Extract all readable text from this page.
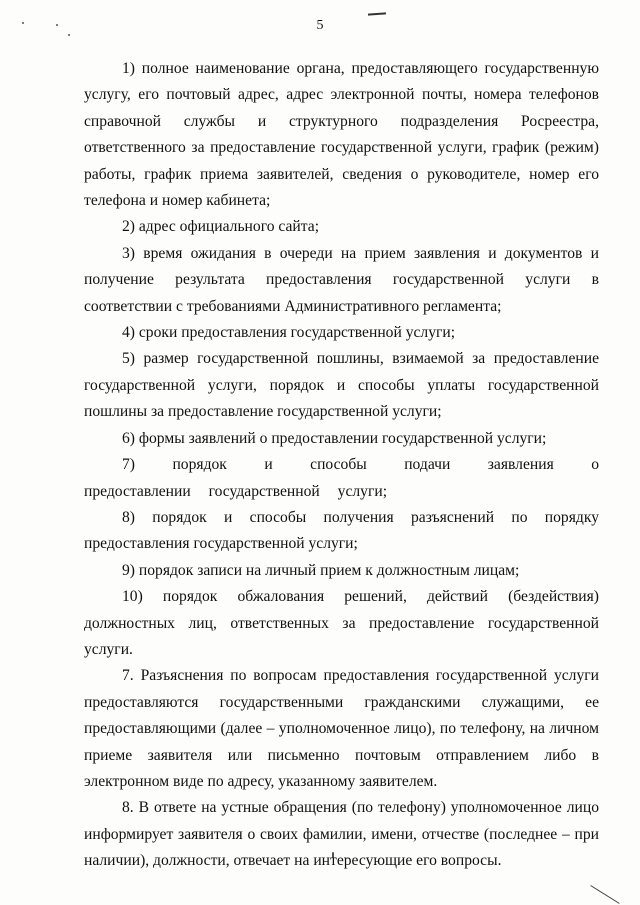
5

1) полное наименование органа, предоставляющего государственную услугу, его почтовый адрес, адрес электронной почты, номера телефонов справочной службы и структурного подразделения Росреестра, ответственного за предоставление государственной услуги, график (режим) работы, график приема заявителей, сведения о руководителе, номер его телефона и номер кабинета;

2) адрес официального сайта;

3) время ожидания в очереди на прием заявления и документов и получение результата предоставления государственной услуги в соответствии с требованиями Административного регламента;

4) сроки предоставления государственной услуги;

5) размер государственной пошлины, взимаемой за предоставление государственной услуги, порядок и способы уплаты государственной пошлины за предоставление государственной услуги;

6) формы заявлений о предоставлении государственной услуги;

7) порядок и способы подачи заявления о предоставлении государственной услуги;

8) порядок и способы получения разъяснений по порядку предоставления государственной услуги;

9) порядок записи на личный прием к должностным лицам;

10) порядок обжалования решений, действий (бездействия) должностных лиц, ответственных за предоставление государственной услуги.

7. Разъяснения по вопросам предоставления государственной услуги предоставляются государственными гражданскими служащими, ее предоставляющими (далее – уполномоченное лицо), по телефону, на личном приеме заявителя или письменно почтовым отправлением либо в электронном виде по адресу, указанному заявителем.

8. В ответе на устные обращения (по телефону) уполномоченное лицо информирует заявителя о своих фамилии, имени, отчестве (последнее – при наличии), должности, отвечает на интересующие его вопросы.
